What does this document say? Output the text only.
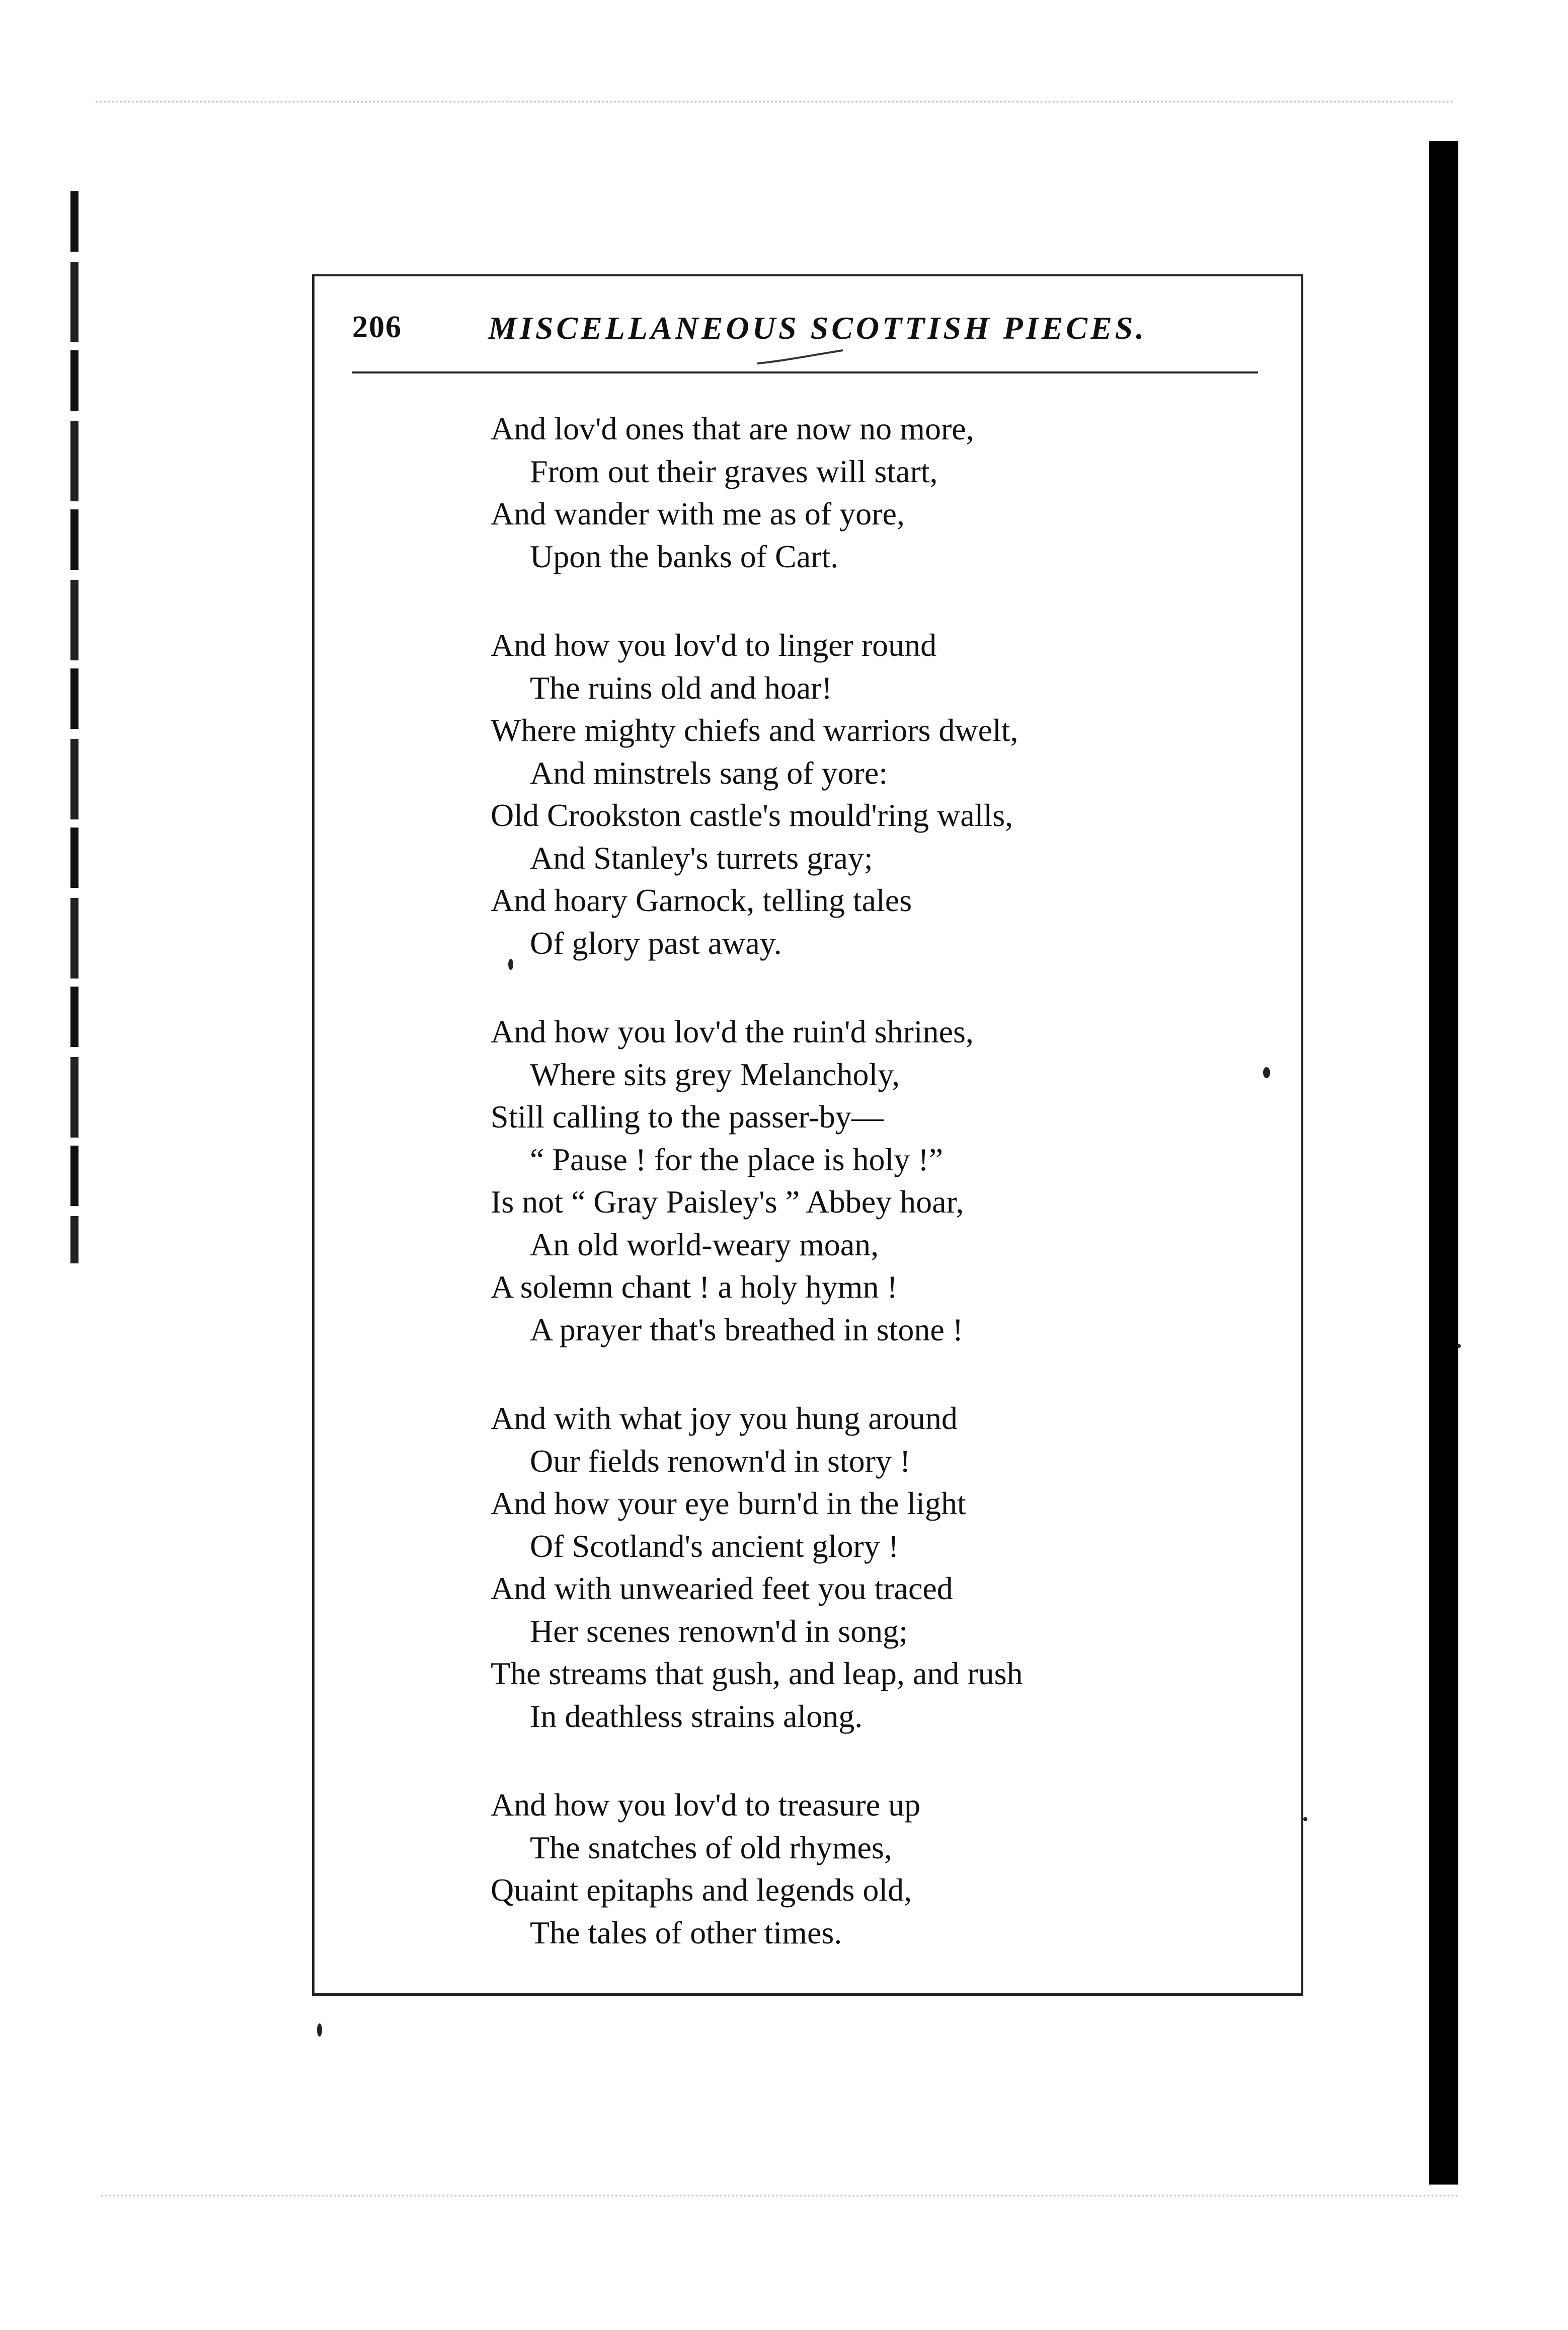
206	MISCELLANEOUS SCOTTISH PIECES.
And lov'd ones that are now no more,
From out their graves will start,
And wander with me as of yore,
Upon the banks of Cart.
And how you lov'd to linger round
The ruins old and hoar!
Where mighty chiefs and warriors dwelt,
And minstrels sang of yore:
Old Crookston castle's mould'ring walls,
And Stanley's turrets gray;
And hoary Garnock, telling tales
Of glory past away.
And how you lov'd the ruin'd shrines,
Where sits grey Melancholy,
Still calling to the passer-by—
“ Pause ! for the place is holy !”
Is not “ Gray Paisley's ” Abbey hoar,
An old world-weary moan,
A solemn chant ! a holy hymn !
A prayer that's breathed in stone !
And with what joy you hung around
Our fields renown'd in story !
And how your eye burn'd in the light
Of Scotland's ancient glory !
And with unwearied feet you traced
Her scenes renown'd in song;
The streams that gush, and leap, and rush
In deathless strains along.
And how you lov'd to treasure up
The snatches of old rhymes,
Quaint epitaphs and legends old,
The tales of other times.
